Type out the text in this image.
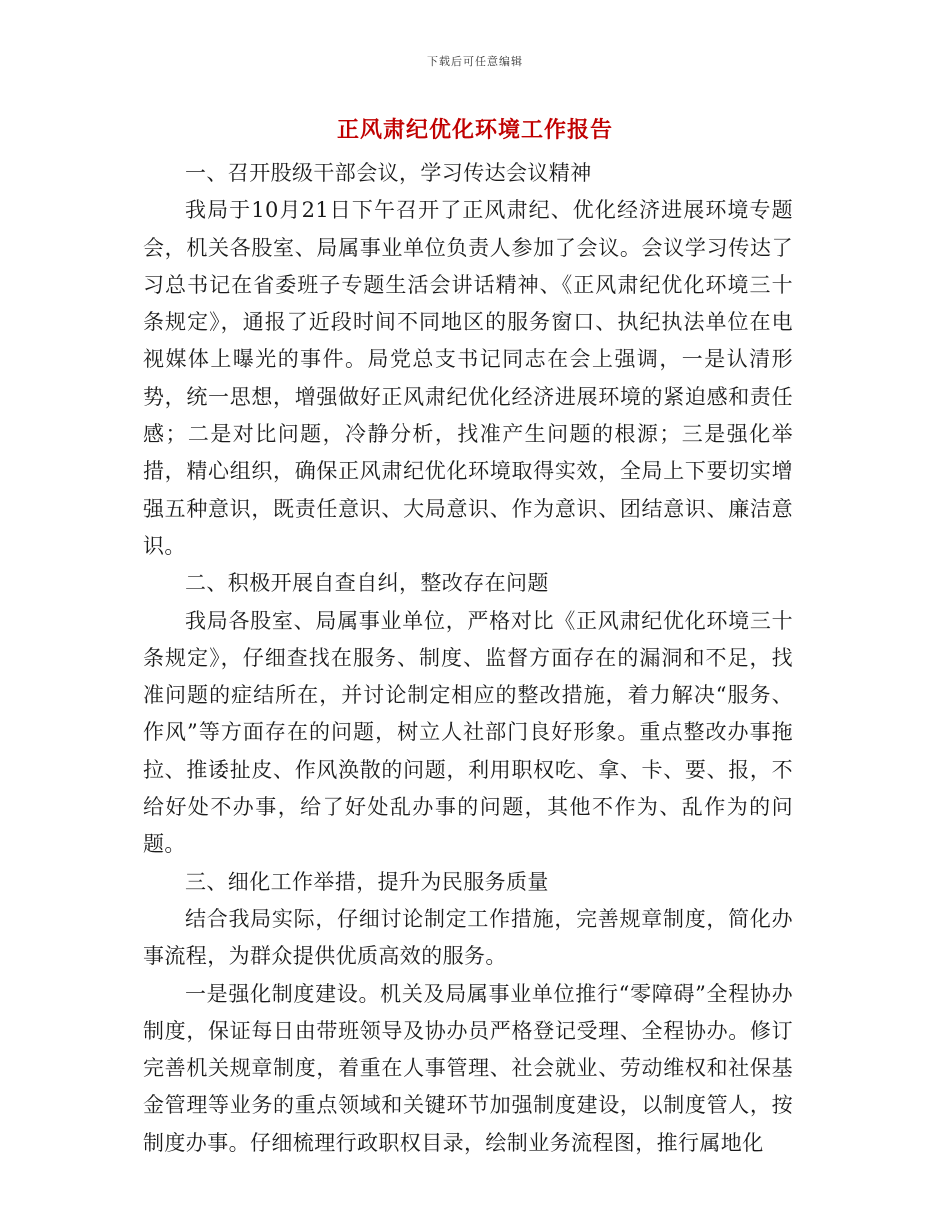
下载后可任意编辑
正风肃纪优化环境工作报告

一、召开股级干部会议，学习传达会议精神

我局于10月21日下午召开了正风肃纪、优化经济进展环境专题会，机关各股室、局属事业单位负责人参加了会议。会议学习传达了习总书记在省委班子专题生活会讲话精神、《正风肃纪优化环境三十条规定》，通报了近段时间不同地区的服务窗口、执纪执法单位在电视媒体上曝光的事件。局党总支书记同志在会上强调，一是认清形势，统一思想，增强做好正风肃纪优化经济进展环境的紧迫感和责任感；二是对比问题，冷静分析，找准产生问题的根源；三是强化举措，精心组织，确保正风肃纪优化环境取得实效，全局上下要切实增强五种意识，既责任意识、大局意识、作为意识、团结意识、廉洁意识。

二、积极开展自查自纠，整改存在问题

我局各股室、局属事业单位，严格对比《正风肃纪优化环境三十条规定》，仔细查找在服务、制度、监督方面存在的漏洞和不足，找准问题的症结所在，并讨论制定相应的整改措施，着力解决“服务、作风”等方面存在的问题，树立人社部门良好形象。重点整改办事拖拉、推诿扯皮、作风涣散的问题，利用职权吃、拿、卡、要、报，不给好处不办事，给了好处乱办事的问题，其他不作为、乱作为的问题。

三、细化工作举措，提升为民服务质量

结合我局实际，仔细讨论制定工作措施，完善规章制度，简化办事流程，为群众提供优质高效的服务。

一是强化制度建设。机关及局属事业单位推行“零障碍”全程协办制度，保证每日由带班领导及协办员严格登记受理、全程协办。修订完善机关规章制度，着重在人事管理、社会就业、劳动维权和社保基金管理等业务的重点领域和关键环节加强制度建设，以制度管人，按制度办事。仔细梳理行政职权目录，绘制业务流程图，推行属地化
